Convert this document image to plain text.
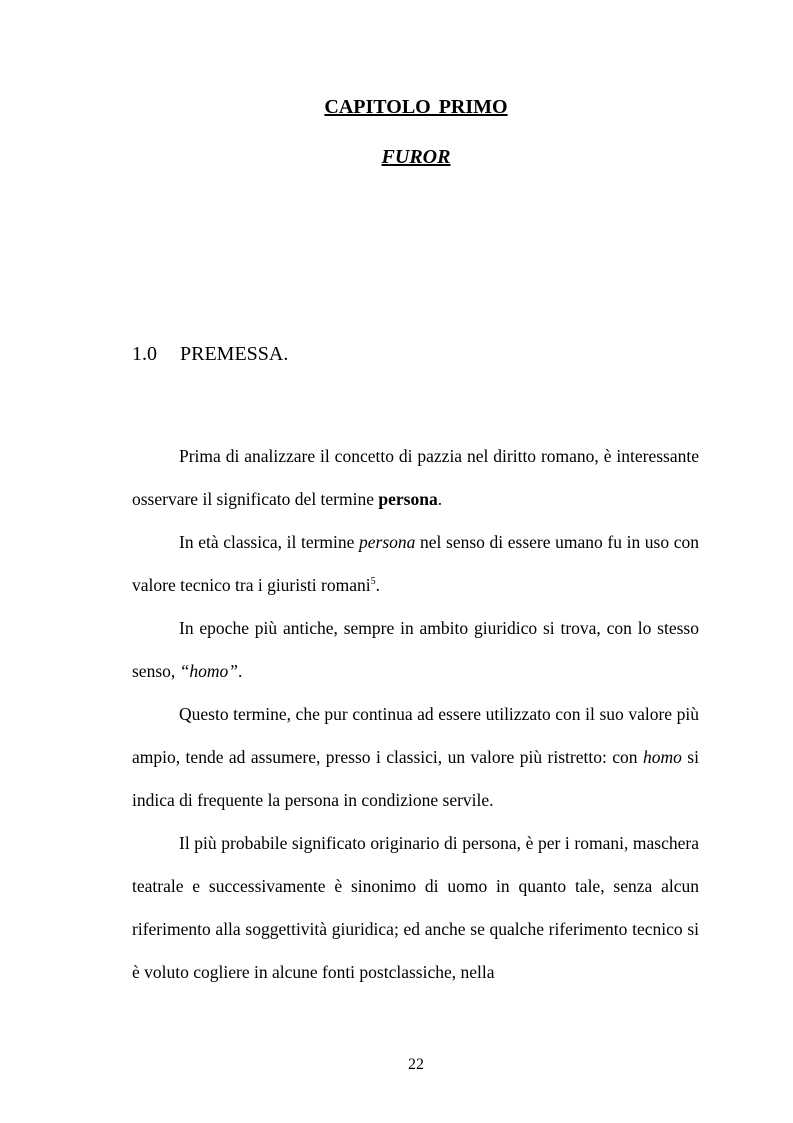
CAPITOLO PRIMO
FUROR
1.0 PREMESSA.

Prima di analizzare il concetto di pazzia nel diritto romano, è interessante osservare il significato del termine persona.

In età classica, il termine persona nel senso di essere umano fu in uso con valore tecnico tra i giuristi romani$^5$.

In epoche più antiche, sempre in ambito giuridico si trova, con lo stesso senso, “homo”.

Questo termine, che pur continua ad essere utilizzato con il suo valore più ampio, tende ad assumere, presso i classici, un valore più ristretto: con homo si indica di frequente la persona in condizione servile.

Il più probabile significato originario di persona, è per i romani, maschera teatrale e successivamente è sinonimo di uomo in quanto tale, senza alcun riferimento alla soggettività giuridica; ed anche se qualche riferimento tecnico si è voluto cogliere in alcune fonti postclassiche, nella

22
